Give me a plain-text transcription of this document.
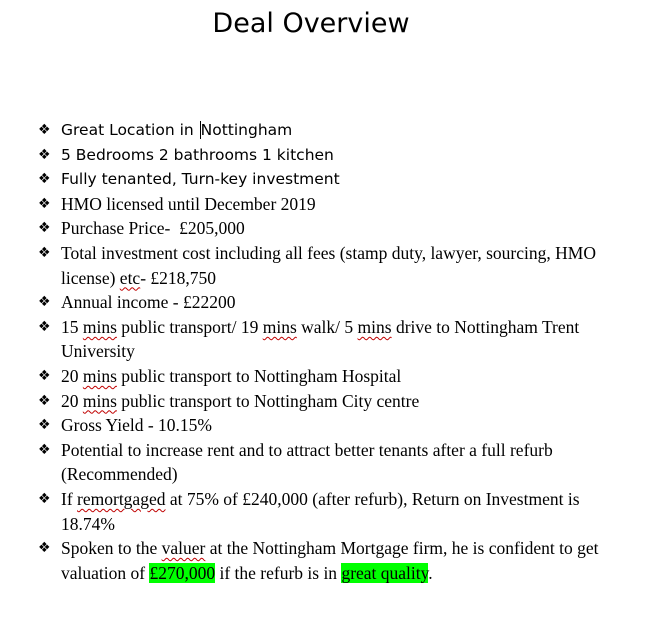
Deal Overview
❖ Great Location in Nottingham
❖ 5 Bedrooms 2 bathrooms 1 kitchen
❖ Fully tenanted, Turn-key investment
❖ HMO licensed until December 2019
❖ Purchase Price-  £205,000
❖ Total investment cost including all fees (stamp duty, lawyer, sourcing, HMO license) etc- £218,750
❖ Annual income - £22200
❖ 15 mins public transport/ 19 mins walk/ 5 mins drive to Nottingham Trent University
❖ 20 mins public transport to Nottingham Hospital
❖ 20 mins public transport to Nottingham City centre
❖ Gross Yield - 10.15%
❖ Potential to increase rent and to attract better tenants after a full refurb (Recommended)
❖ If remortgaged at 75% of £240,000 (after refurb), Return on Investment is 18.74%
❖ Spoken to the valuer at the Nottingham Mortgage firm, he is confident to get valuation of £270,000 if the refurb is in great quality.
